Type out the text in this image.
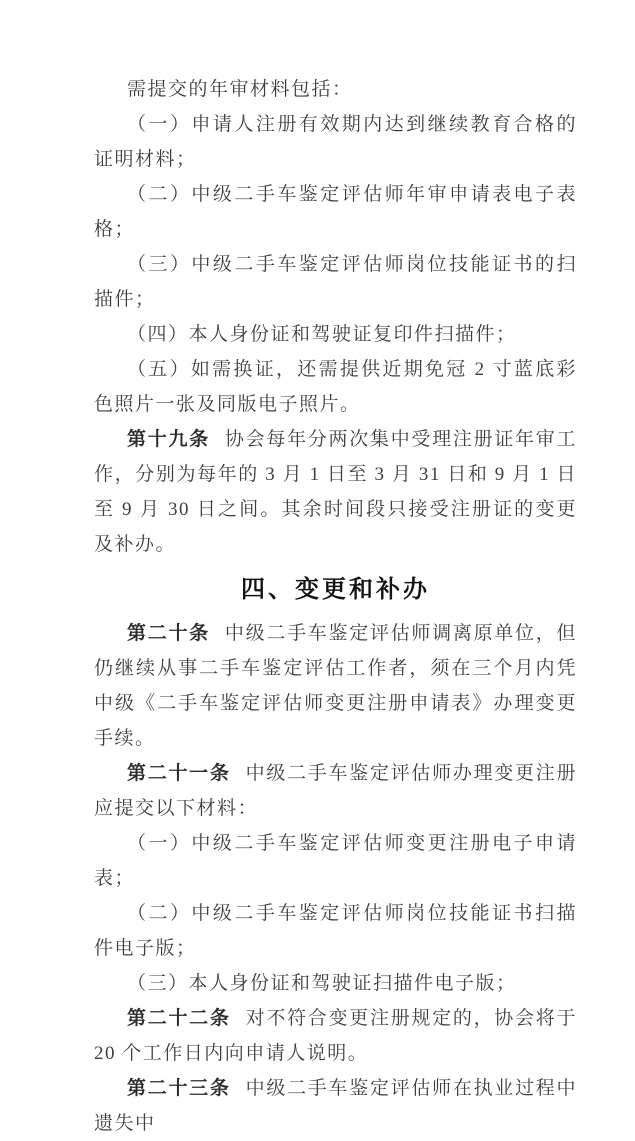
需提交的年审材料包括：

（一）申请人注册有效期内达到继续教育合格的证明材料；

（二）中级二手车鉴定评估师年审申请表电子表格；

（三）中级二手车鉴定评估师岗位技能证书的扫描件；

（四）本人身份证和驾驶证复印件扫描件；

（五）如需换证，还需提供近期免冠 2 寸蓝底彩色照片一张及同版电子照片。

第十九条 协会每年分两次集中受理注册证年审工作，分别为每年的 3 月 1 日至 3 月 31 日和 9 月 1 日至 9 月 30 日之间。其余时间段只接受注册证的变更及补办。

四、变更和补办

第二十条 中级二手车鉴定评估师调离原单位，但仍继续从事二手车鉴定评估工作者，须在三个月内凭中级《二手车鉴定评估师变更注册申请表》办理变更手续。

第二十一条 中级二手车鉴定评估师办理变更注册应提交以下材料：

（一）中级二手车鉴定评估师变更注册电子申请表；

（二）中级二手车鉴定评估师岗位技能证书扫描件电子版；

（三）本人身份证和驾驶证扫描件电子版；

第二十二条 对不符合变更注册规定的，协会将于 20 个工作日内向申请人说明。

第二十三条 中级二手车鉴定评估师在执业过程中遗失中
